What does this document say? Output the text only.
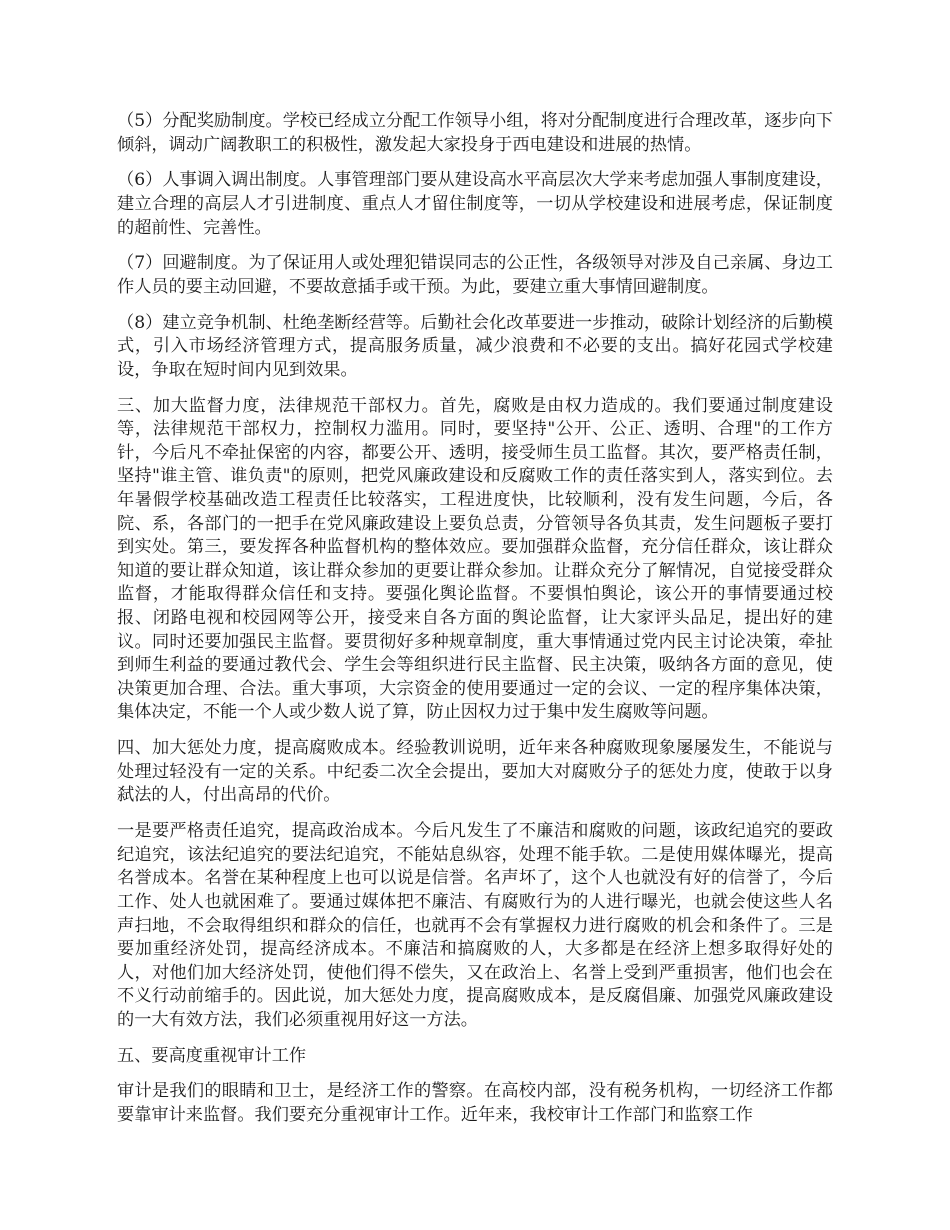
（5）分配奖励制度。学校已经成立分配工作领导小组，将对分配制度进行合理改革，逐步向下倾斜，调动广阔教职工的积极性，激发起大家投身于西电建设和进展的热情。

（6）人事调入调出制度。人事管理部门要从建设高水平高层次大学来考虑加强人事制度建设，建立合理的高层人才引进制度、重点人才留住制度等，一切从学校建设和进展考虑，保证制度的超前性、完善性。

（7）回避制度。为了保证用人或处理犯错误同志的公正性，各级领导对涉及自己亲属、身边工作人员的要主动回避，不要故意插手或干预。为此，要建立重大事情回避制度。

（8）建立竞争机制、杜绝垄断经营等。后勤社会化改革要进一步推动，破除计划经济的后勤模式，引入市场经济管理方式，提高服务质量，减少浪费和不必要的支出。搞好花园式学校建设，争取在短时间内见到效果。

三、加大监督力度，法律规范干部权力。首先，腐败是由权力造成的。我们要通过制度建设等，法律规范干部权力，控制权力滥用。同时，要坚持"公开、公正、透明、合理"的工作方针，今后凡不牵扯保密的内容，都要公开、透明，接受师生员工监督。其次，要严格责任制，坚持"谁主管、谁负责"的原则，把党风廉政建设和反腐败工作的责任落实到人，落实到位。去年暑假学校基础改造工程责任比较落实，工程进度快，比较顺利，没有发生问题，今后，各院、系，各部门的一把手在党风廉政建设上要负总责，分管领导各负其责，发生问题板子要打到实处。第三，要发挥各种监督机构的整体效应。要加强群众监督，充分信任群众，该让群众知道的要让群众知道，该让群众参加的更要让群众参加。让群众充分了解情况，自觉接受群众监督，才能取得群众信任和支持。要强化舆论监督。不要惧怕舆论，该公开的事情要通过校报、闭路电视和校园网等公开，接受来自各方面的舆论监督，让大家评头品足，提出好的建议。同时还要加强民主监督。要贯彻好多种规章制度，重大事情通过党内民主讨论决策，牵扯到师生利益的要通过教代会、学生会等组织进行民主监督、民主决策，吸纳各方面的意见，使决策更加合理、合法。重大事项，大宗资金的使用要通过一定的会议、一定的程序集体决策，集体决定，不能一个人或少数人说了算，防止因权力过于集中发生腐败等问题。

四、加大惩处力度，提高腐败成本。经验教训说明，近年来各种腐败现象屡屡发生，不能说与处理过轻没有一定的关系。中纪委二次全会提出，要加大对腐败分子的惩处力度，使敢于以身弑法的人，付出高昂的代价。

一是要严格责任追究，提高政治成本。今后凡发生了不廉洁和腐败的问题，该政纪追究的要政纪追究，该法纪追究的要法纪追究，不能姑息纵容，处理不能手软。二是使用媒体曝光，提高名誉成本。名誉在某种程度上也可以说是信誉。名声坏了，这个人也就没有好的信誉了，今后工作、处人也就困难了。要通过媒体把不廉洁、有腐败行为的人进行曝光，也就会使这些人名声扫地，不会取得组织和群众的信任，也就再不会有掌握权力进行腐败的机会和条件了。三是要加重经济处罚，提高经济成本。不廉洁和搞腐败的人，大多都是在经济上想多取得好处的人，对他们加大经济处罚，使他们得不偿失，又在政治上、名誉上受到严重损害，他们也会在不义行动前缩手的。因此说，加大惩处力度，提高腐败成本，是反腐倡廉、加强党风廉政建设的一大有效方法，我们必须重视用好这一方法。

五、要高度重视审计工作

审计是我们的眼睛和卫士，是经济工作的警察。在高校内部，没有税务机构，一切经济工作都要靠审计来监督。我们要充分重视审计工作。近年来，我校审计工作部门和监察工作
